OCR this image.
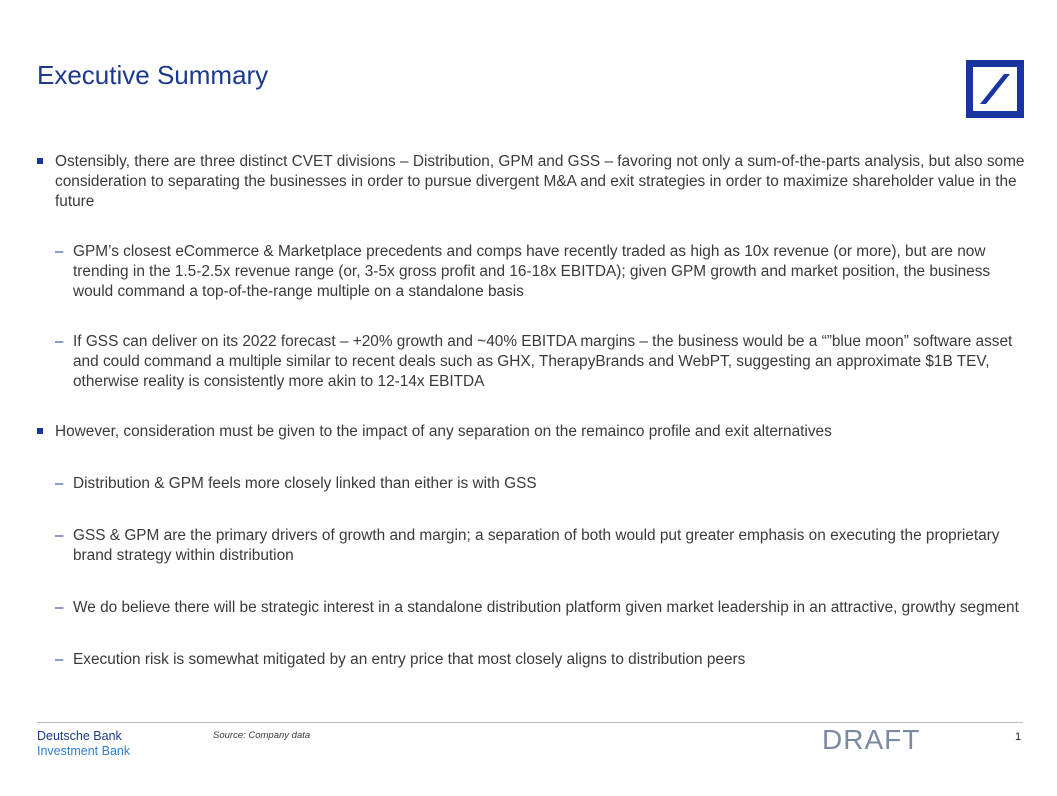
Executive Summary
Ostensibly, there are three distinct CVET divisions – Distribution, GPM and GSS – favoring not only a sum-of-the-parts analysis, but also some consideration to separating the businesses in order to pursue divergent M&A and exit strategies in order to maximize shareholder value in the future
– GPM’s closest eCommerce & Marketplace precedents and comps have recently traded as high as 10x revenue (or more), but are now trending in the 1.5-2.5x revenue range (or, 3-5x gross profit and 16-18x EBITDA); given GPM growth and market position, the business would command a top-of-the-range multiple on a standalone basis
– If GSS can deliver on its 2022 forecast – +20% growth and ~40% EBITDA margins – the business would be a “”blue moon” software asset and could command a multiple similar to recent deals such as GHX, TherapyBrands and WebPT, suggesting an approximate $1B TEV, otherwise reality is consistently more akin to 12-14x EBITDA
However, consideration must be given to the impact of any separation on the remainco profile and exit alternatives
– Distribution & GPM feels more closely linked than either is with GSS
– GSS & GPM are the primary drivers of growth and margin; a separation of both would put greater emphasis on executing the proprietary brand strategy within distribution
– We do believe there will be strategic interest in a standalone distribution platform given market leadership in an attractive, growthy segment
– Execution risk is somewhat mitigated by an entry price that most closely aligns to distribution peers
Deutsche Bank
Investment Bank
Source: Company data	DRAFT	1
